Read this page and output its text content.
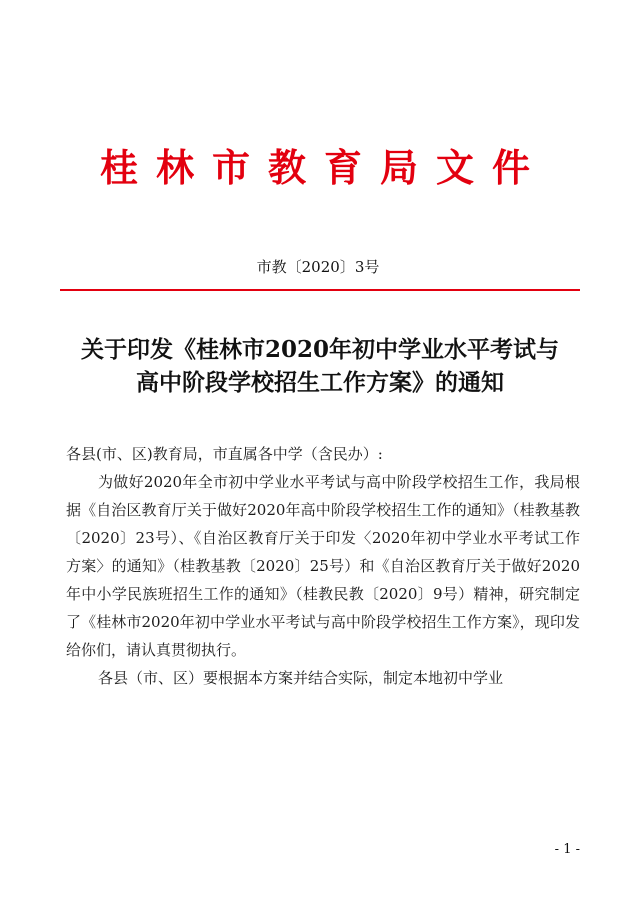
桂林市教育局文件
市教〔2020〕3号
关于印发《桂林市2020年初中学业水平考试与
高中阶段学校招生工作方案》的通知

各县(市、区)教育局，市直属各中学（含民办）:

为做好2020年全市初中学业水平考试与高中阶段学校招生工作，我局根据《自治区教育厅关于做好2020年高中阶段学校招生工作的通知》（桂教基教〔2020〕23号）、《自治区教育厅关于印发〈2020年初中学业水平考试工作方案〉的通知》（桂教基教〔2020〕25号）和《自治区教育厅关于做好2020年中小学民族班招生工作的通知》（桂教民教〔2020〕9号）精神，研究制定了《桂林市2020年初中学业水平考试与高中阶段学校招生工作方案》，现印发给你们，请认真贯彻执行。

各县（市、区）要根据本方案并结合实际，制定本地初中学业

- 1 -
